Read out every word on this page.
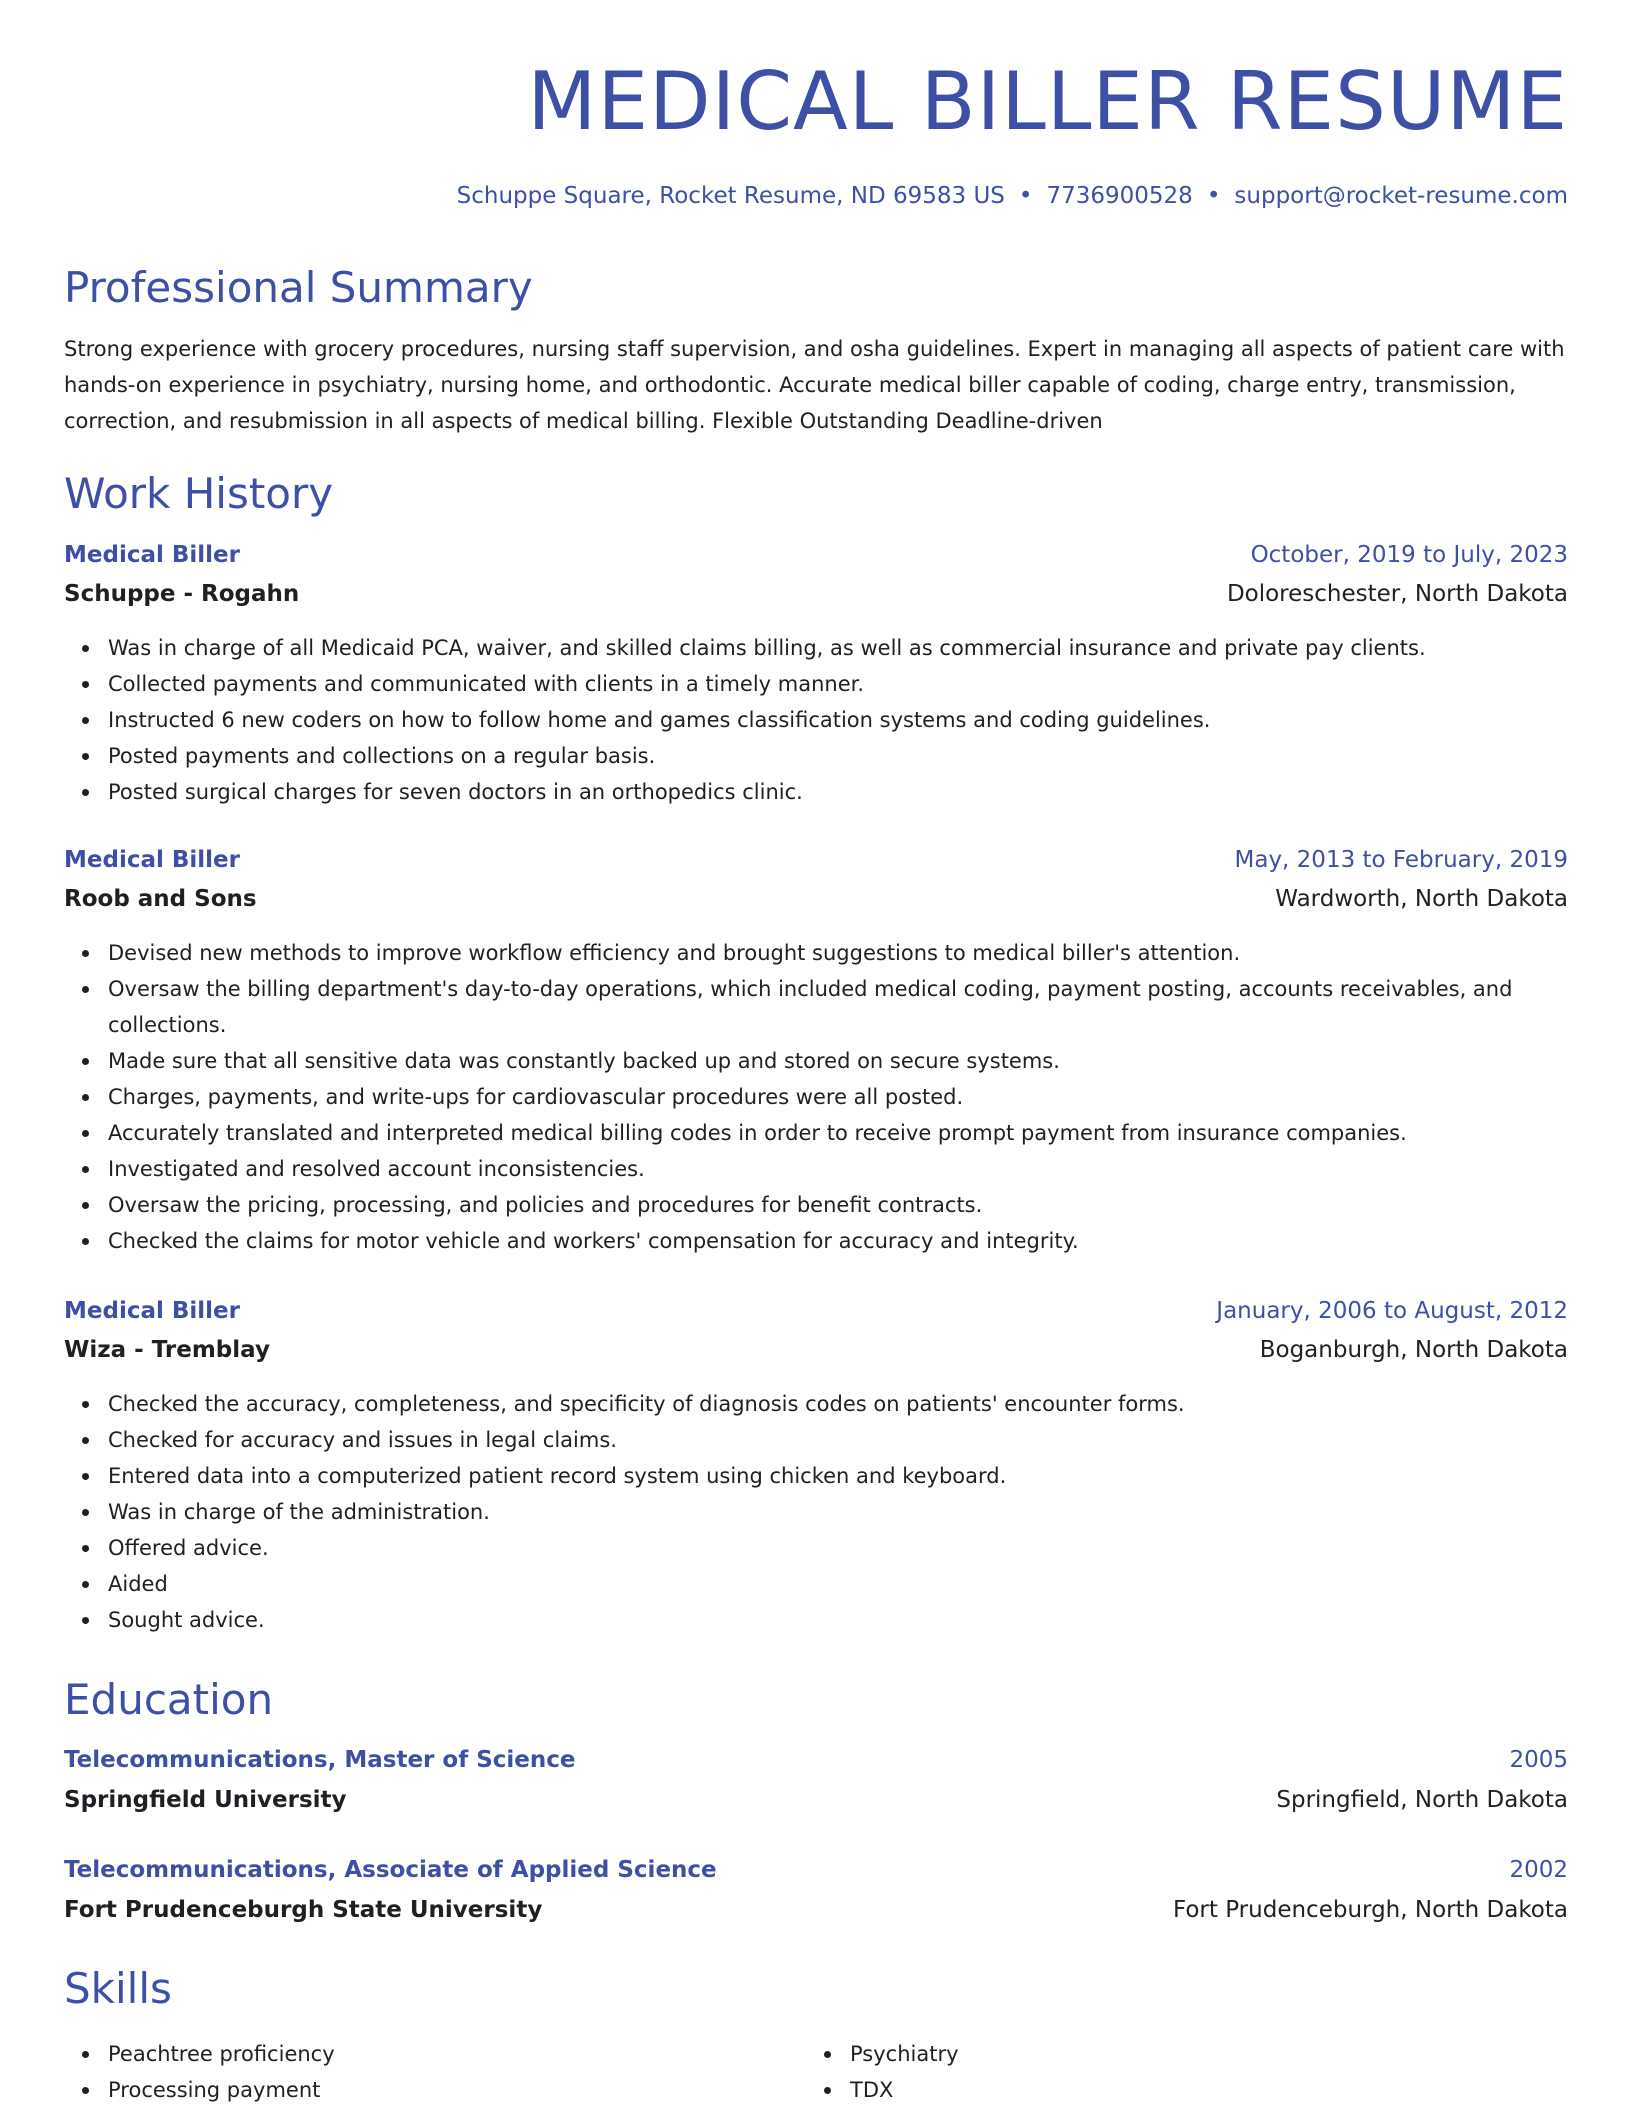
MEDICAL BILLER RESUME
Schuppe Square, Rocket Resume, ND 69583 US • 7736900528 • support@rocket-resume.com
Professional Summary

Strong experience with grocery procedures, nursing staff supervision, and osha guidelines. Expert in managing all aspects of patient care with hands-on experience in psychiatry, nursing home, and orthodontic. Accurate medical biller capable of coding, charge entry, transmission, correction, and resubmission in all aspects of medical billing. Flexible Outstanding Deadline-driven

Work History
Medical Biller	October, 2019 to July, 2023
Schuppe - Rogahn	Doloreschester, North Dakota
Was in charge of all Medicaid PCA, waiver, and skilled claims billing, as well as commercial insurance and private pay clients.
Collected payments and communicated with clients in a timely manner.
Instructed 6 new coders on how to follow home and games classification systems and coding guidelines.
Posted payments and collections on a regular basis.
Posted surgical charges for seven doctors in an orthopedics clinic.
Medical Biller	May, 2013 to February, 2019
Roob and Sons	Wardworth, North Dakota
Devised new methods to improve workflow efficiency and brought suggestions to medical biller's attention.
Oversaw the billing department's day-to-day operations, which included medical coding, payment posting, accounts receivables, and collections.
Made sure that all sensitive data was constantly backed up and stored on secure systems.
Charges, payments, and write-ups for cardiovascular procedures were all posted.
Accurately translated and interpreted medical billing codes in order to receive prompt payment from insurance companies.
Investigated and resolved account inconsistencies.
Oversaw the pricing, processing, and policies and procedures for benefit contracts.
Checked the claims for motor vehicle and workers' compensation for accuracy and integrity.
Medical Biller	January, 2006 to August, 2012
Wiza - Tremblay	Boganburgh, North Dakota
Checked the accuracy, completeness, and specificity of diagnosis codes on patients' encounter forms.
Checked for accuracy and issues in legal claims.
Entered data into a computerized patient record system using chicken and keyboard.
Was in charge of the administration.
Offered advice.
Aided
Sought advice.
Education
Telecommunications, Master of Science	2005
Springfield University	Springfield, North Dakota
Telecommunications, Associate of Applied Science	2002
Fort Prudenceburgh State University	Fort Prudenceburgh, North Dakota
Skills
Peachtree proficiency
Processing payment
Psychiatry
TDX
